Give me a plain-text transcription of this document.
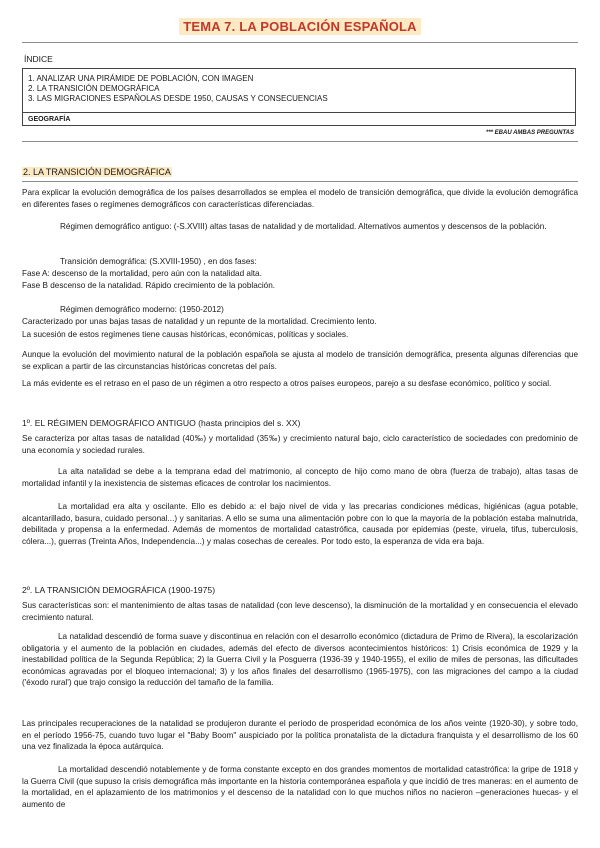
TEMA 7. LA POBLACIÓN ESPAÑOLA
ÍNDICE
1. ANALIZAR UNA PIRÁMIDE DE POBLACIÓN, CON IMAGEN
2. LA TRANSICIÓN DEMOGRÁFICA
3. LAS MIGRACIONES ESPAÑOLAS DESDE 1950, CAUSAS Y CONSECUENCIAS
GEOGRAFÍA
*** EBAU AMBAS PREGUNTAS
2. LA TRANSICIÓN DEMOGRÁFICA
Para explicar la evolución demográfica de los países desarrollados se emplea el modelo de transición demográfica, que divide la evolución demográfica en diferentes fases o regímenes demográficos con características diferenciadas.
Régimen demográfico antiguo: (-S.XVIII) altas tasas de natalidad y de mortalidad. Alternativos aumentos y descensos de la población.
Transición demográfica: (S.XVIII-1950) , en dos fases:
Fase A: descenso de la mortalidad, pero aún con la natalidad alta.
Fase B descenso de la natalidad. Rápido crecimiento de la población.
Régimen demográfico moderno: (1950-2012)
Caracterizado por unas bajas tasas de natalidad y un repunte de la mortalidad. Crecimiento lento.
La sucesión de estos regímenes tiene causas históricas, económicas, políticas y sociales.
Aunque la evolución del movimiento natural de la población española se ajusta al modelo de transición demográfica, presenta algunas diferencias que se explican a partir de las circunstancias históricas concretas del país.
La más evidente es el retraso en el paso de un régimen a otro respecto a otros países europeos, parejo a su desfase económico, político y social.
1º. EL RÉGIMEN DEMOGRÁFICO ANTIGUO (hasta principios del s. XX)
Se caracteriza por altas tasas de natalidad (40‰) y mortalidad (35‰) y crecimiento natural bajo, ciclo característico de sociedades con predominio de una economía y sociedad rurales.
La alta natalidad se debe a la temprana edad del matrimonio, al concepto de hijo como mano de obra (fuerza de trabajo), altas tasas de mortalidad infantil y la inexistencia de sistemas eficaces de controlar los nacimientos.
La mortalidad era alta y oscilante. Ello es debido a: el bajo nivel de vida y las precarias condiciones médicas, higiénicas (agua potable, alcantarillado, basura, cuidado personal...) y sanitarias. A ello se suma una alimentación pobre con lo que la mayoría de la población estaba malnutrida, debilitada y propensa a la enfermedad. Además de momentos de mortalidad catastrófica, causada por epidemias (peste, viruela, tifus, tuberculosis, cólera...), guerras (Treinta Años, Independencia...) y malas cosechas de cereales. Por todo esto, la esperanza de vida era baja.
2º. LA TRANSICIÓN DEMOGRÁFICA (1900-1975)
Sus características son: el mantenimiento de altas tasas de natalidad (con leve descenso), la disminución de la mortalidad y en consecuencia el elevado crecimiento natural.
La natalidad descendió de forma suave y discontinua en relación con el desarrollo económico (dictadura de Primo de Rivera), la escolarización obligatoria y el aumento de la población en ciudades, además del efecto de diversos acontecimientos históricos: 1) Crisis económica de 1929 y la inestabilidad política de la Segunda República; 2) la Guerra Civil y la Posguerra (1936-39 y 1940-1955), el exilio de miles de personas, las dificultades económicas agravadas por el bloqueo internacional; 3) y los años finales del desarrollismo (1965-1975), con las migraciones del campo a la ciudad ('éxodo rural') que trajo consigo la reducción del tamaño de la familia.
Las principales recuperaciones de la natalidad se produjeron durante el período de prosperidad económica de los años veinte (1920-30), y sobre todo, en el período 1956-75, cuando tuvo lugar el "Baby Boom" auspiciado por la política pronatalista de la dictadura franquista y el desarrollismo de los 60 una vez finalizada la época autárquica.
La mortalidad descendió notablemente y de forma constante excepto en dos grandes momentos de mortalidad catastrófica: la gripe de 1918 y la Guerra Civil (que supuso la crisis demográfica más importante en la historia contemporánea española y que incidió de tres maneras: en el aumento de la mortalidad, en el aplazamiento de los matrimonios y el descenso de la natalidad con lo que muchos niños no nacieron –generaciones huecas- y el aumento de
